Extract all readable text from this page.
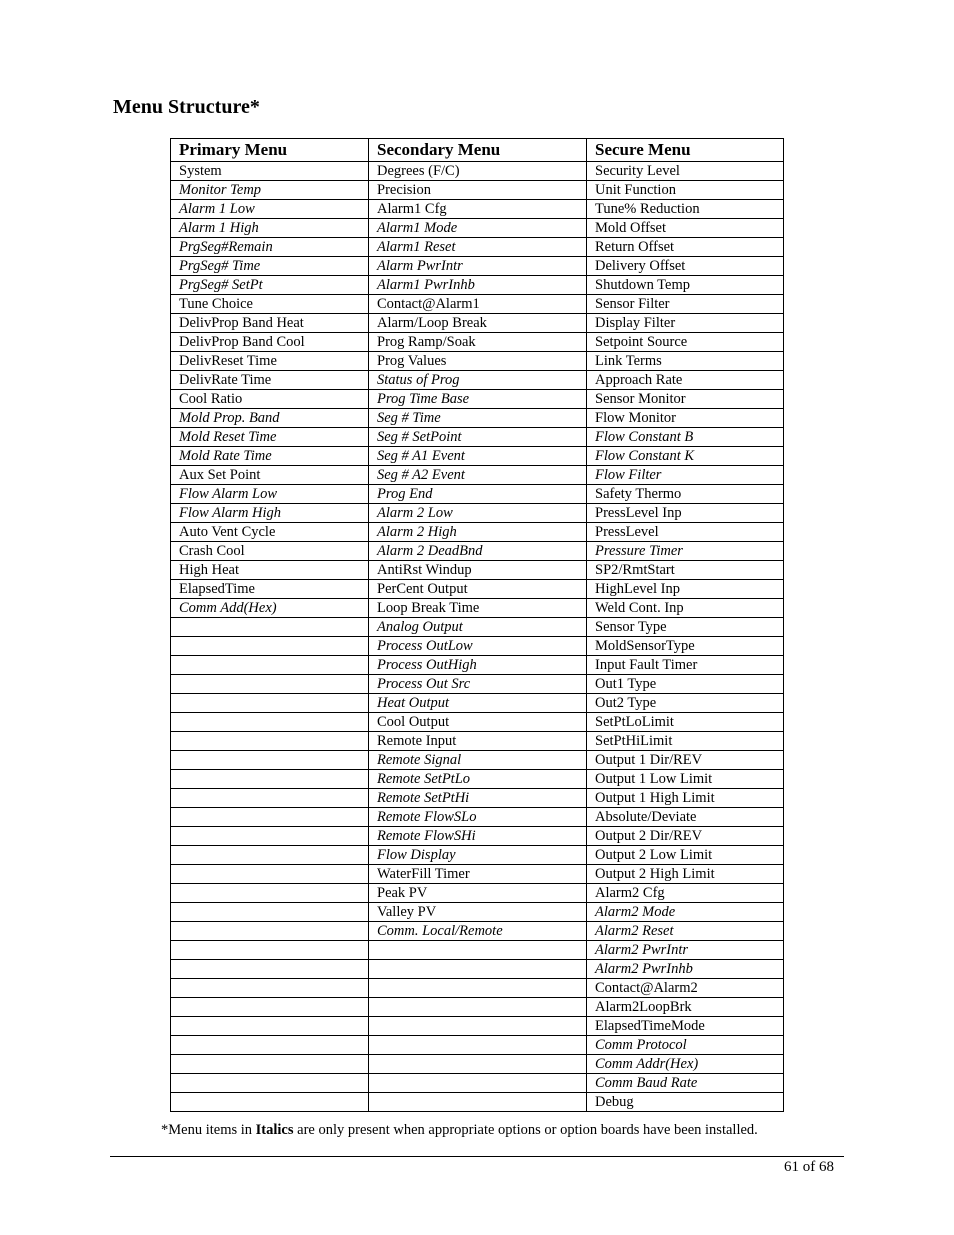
Menu Structure*
Primary Menu	Secondary Menu	Secure Menu
System	Degrees (F/C)	Security Level
Monitor Temp	Precision	Unit Function
Alarm 1 Low	Alarm1 Cfg	Tune% Reduction
Alarm 1 High	Alarm1 Mode	Mold Offset
PrgSeg#Remain	Alarm1 Reset	Return Offset
PrgSeg# Time	Alarm PwrIntr	Delivery Offset
PrgSeg# SetPt	Alarm1 PwrInhb	Shutdown Temp
Tune Choice	Contact@Alarm1	Sensor Filter
DelivProp Band Heat	Alarm/Loop Break	Display Filter
DelivProp Band Cool	Prog Ramp/Soak	Setpoint Source
DelivReset Time	Prog Values	Link Terms
DelivRate Time	Status of Prog	Approach Rate
Cool Ratio	Prog Time Base	Sensor Monitor
Mold Prop. Band	Seg # Time	Flow Monitor
Mold Reset Time	Seg # SetPoint	Flow Constant B
Mold Rate Time	Seg # A1 Event	Flow Constant K
Aux Set Point	Seg # A2 Event	Flow Filter
Flow Alarm Low	Prog End	Safety Thermo
Flow Alarm High	Alarm 2 Low	PressLevel Inp
Auto Vent Cycle	Alarm 2 High	PressLevel
Crash Cool	Alarm 2 DeadBnd	Pressure Timer
High Heat	AntiRst Windup	SP2/RmtStart
ElapsedTime	PerCent Output	HighLevel Inp
Comm Add(Hex)	Loop Break Time	Weld Cont. Inp
	Analog Output	Sensor Type
	Process OutLow	MoldSensorType
	Process OutHigh	Input Fault Timer
	Process Out Src	Out1 Type
	Heat Output	Out2 Type
	Cool Output	SetPtLoLimit
	Remote Input	SetPtHiLimit
	Remote Signal	Output 1 Dir/REV
	Remote SetPtLo	Output 1 Low Limit
	Remote SetPtHi	Output 1 High Limit
	Remote FlowSLo	Absolute/Deviate
	Remote FlowSHi	Output 2 Dir/REV
	Flow Display	Output 2 Low Limit
	WaterFill Timer	Output 2 High Limit
	Peak PV	Alarm2 Cfg
	Valley PV	Alarm2 Mode
	Comm. Local/Remote	Alarm2 Reset
		Alarm2 PwrIntr
		Alarm2 PwrInhb
		Contact@Alarm2
		Alarm2LoopBrk
		ElapsedTimeMode
		Comm Protocol
		Comm Addr(Hex)
		Comm Baud Rate
		Debug
*Menu items in Italics are only present when appropriate options or option boards have been installed.
61 of 68
